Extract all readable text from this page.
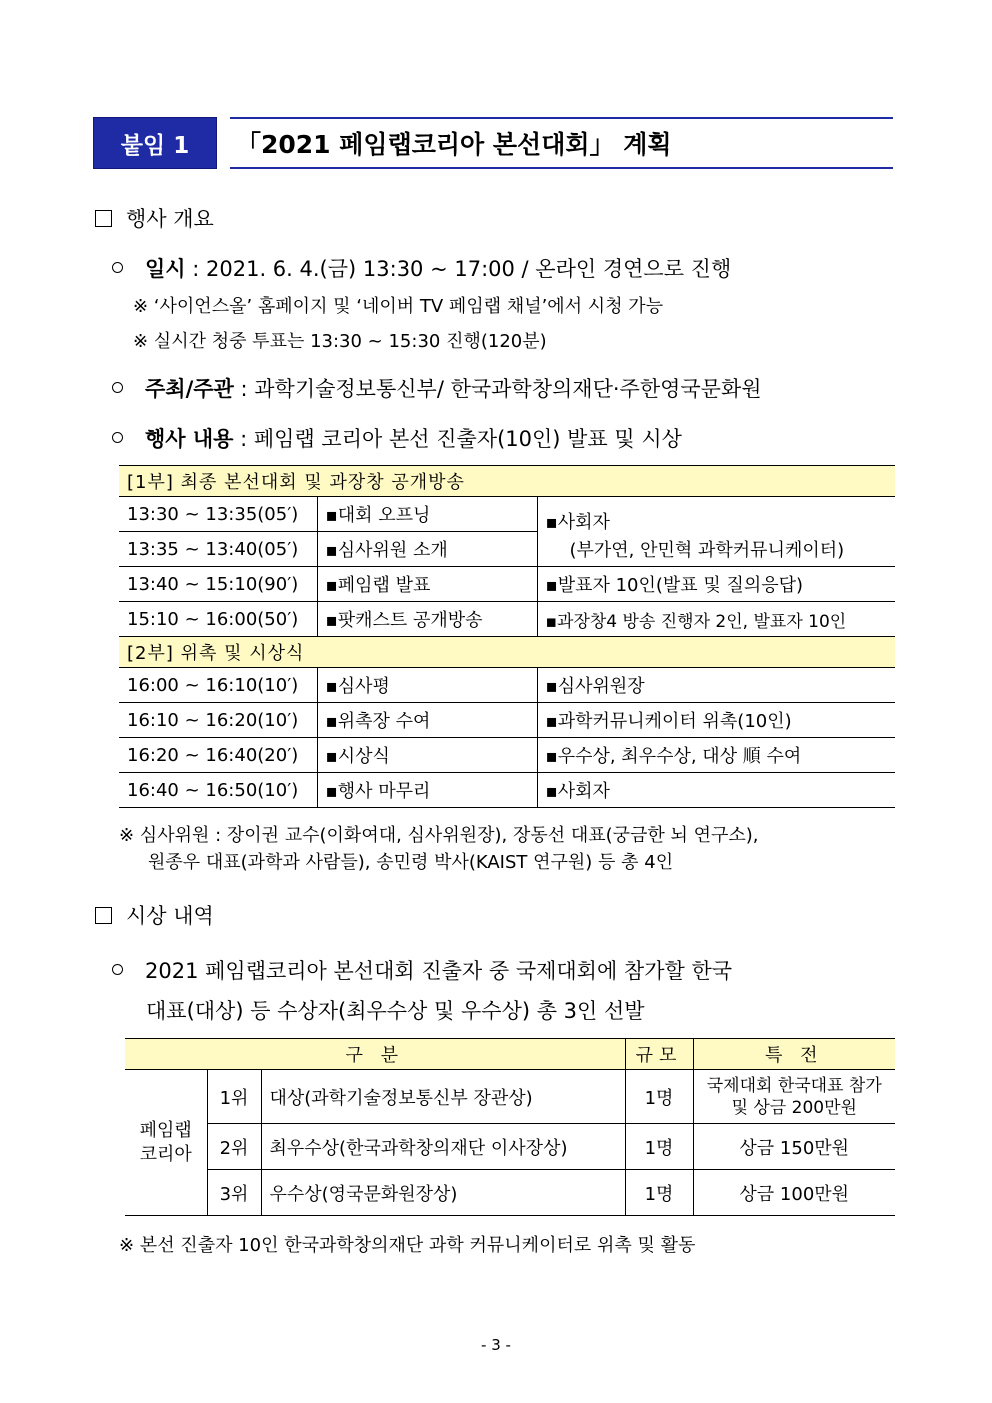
붙임 1	「2021 페임랩코리아 본선대회」 계획
행사 개요
일시 : 2021. 6. 4.(금) 13:30 ~ 17:00 / 온라인 경연으로 진행
※ ‘사이언스올’ 홈페이지 및 ‘네이버 TV 페임랩 채널’에서 시청 가능
※ 실시간 청중 투표는 13:30 ~ 15:30 진행(120분)
주최/주관 : 과학기술정보통신부/ 한국과학창의재단·주한영국문화원
행사 내용 : 페임랩 코리아 본선 진출자(10인) 발표 및 시상
[1부] 최종 본선대회 및 과장창 공개방송		
13:30 ~ 13:35(05′)	▪대회 오프닝	▪사회자
(부가연, 안민혁 과학커뮤니케이터)

13:35 ~ 13:40(05′)	▪심사위원 소개	
13:40 ~ 15:10(90′)	▪페임랩 발표	▪발표자 10인(발표 및 질의응답)
15:10 ~ 16:00(50′)	▪팟캐스트 공개방송	▪과장창4 방송 진행자 2인, 발표자 10인
[2부] 위촉 및 시상식		
16:00 ~ 16:10(10′)	▪심사평	▪심사위원장
16:10 ~ 16:20(10′)	▪위촉장 수여	▪과학커뮤니케이터 위촉(10인)
16:20 ~ 16:40(20′)	▪시상식	▪우수상, 최우수상, 대상 順 수여
16:40 ~ 16:50(10′)	▪행사 마무리	▪사회자
※ 심사위원 : 장이권 교수(이화여대, 심사위원장), 장동선 대표(궁금한 뇌 연구소),
원종우 대표(과학과 사람들), 송민령 박사(KAIST 연구원) 등 총 4인
시상 내역
2021 페임랩코리아 본선대회 진출자 중 국제대회에 참가할 한국
대표(대상) 등 수상자(최우수상 및 우수상) 총 3인 선발
구 분			규모	특 전
페임랩
코리아	1위	대상(과학기술정보통신부 장관상)	1명	국제대회 한국대표 참가
및 상금 200만원
	2위	최우수상(한국과학창의재단 이사장상)	1명	상금 150만원
	3위	우수상(영국문화원장상)	1명	상금 100만원
※ 본선 진출자 10인 한국과학창의재단 과학 커뮤니케이터로 위촉 및 활동
- 3 -
